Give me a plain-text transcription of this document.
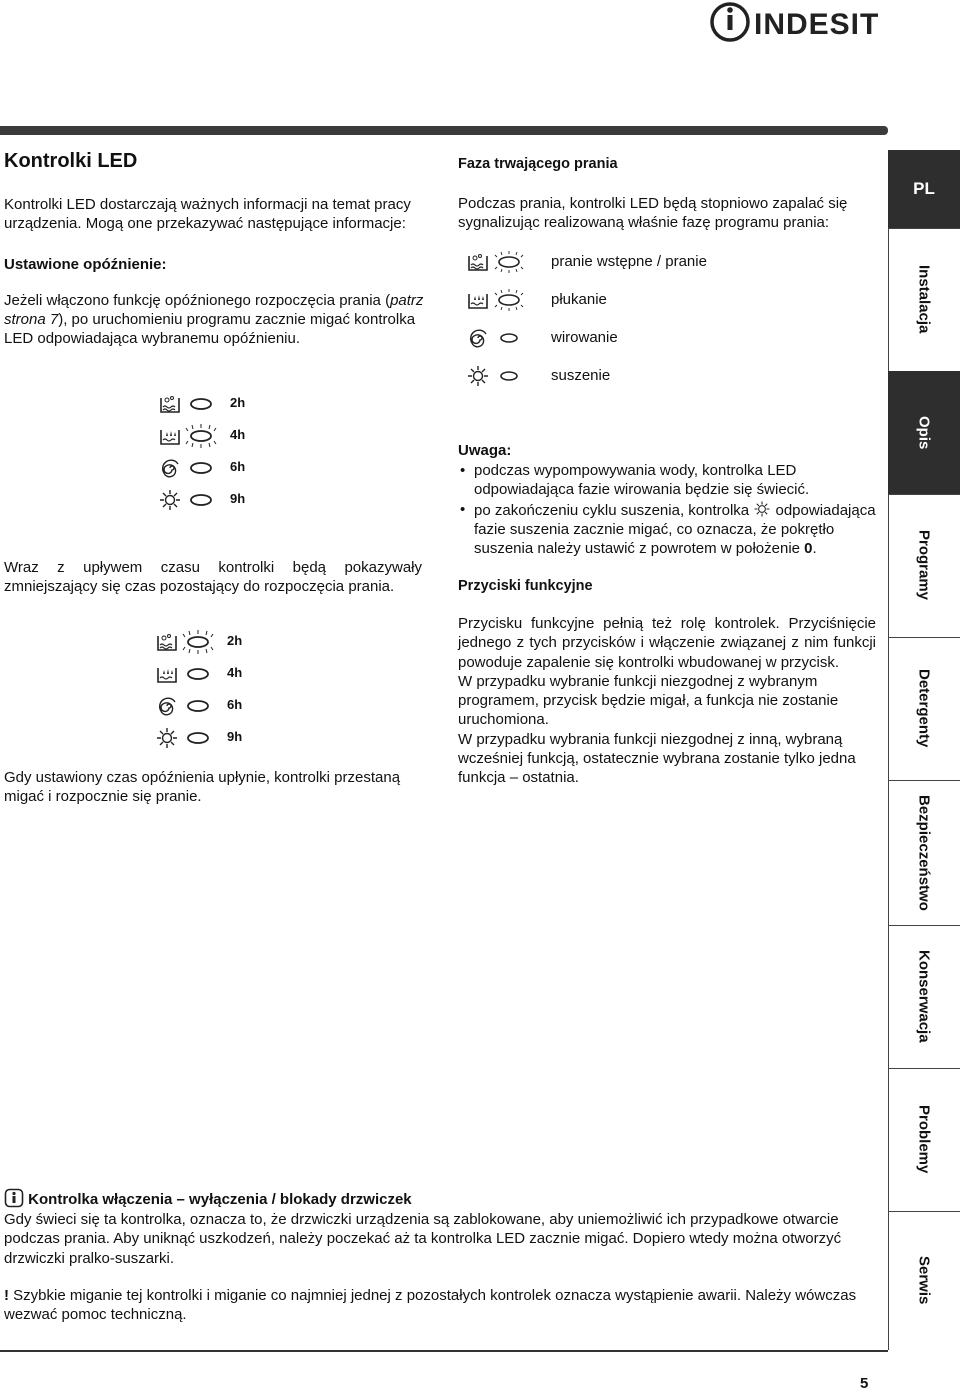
INDESIT
Kontrolki LED

Kontrolki LED dostarczają ważnych informacji na temat pracy urządzenia. Mogą one przekazywać następujące informacje:

Ustawione opóźnienie:

Jeżeli włączono funkcję opóźnionego rozpoczęcia prania (patrz strona 7), po uruchomieniu programu zacznie migać kontrolka LED odpowiadająca wybranemu opóźnieniu.

2h
4h
6h
9h

Wraz z upływem czasu kontrolki będą pokazywały zmniejszający się czas pozostający do rozpoczęcia prania.

2h
4h
6h
9h

Gdy ustawiony czas opóźnienia upłynie, kontrolki przestaną migać i rozpocznie się pranie.

Faza trwającego prania

Podczas prania, kontrolki LED będą stopniowo zapalać się sygnalizując realizowaną właśnie fazę programu prania:

pranie wstępne / pranie
płukanie
wirowanie
suszenie

Uwaga:

• podczas wypompowywania wody, kontrolka LED odpowiadająca fazie wirowania będzie się świecić.

• po zakończeniu cyklu suszenia, kontrolka odpowiadająca fazie suszenia zacznie migać, co oznacza, że pokrętło suszenia należy ustawić z powrotem w położenie 0.

Przyciski funkcyjne

Przycisku funkcyjne pełnią też rolę kontrolek. Przyciśnięcie jednego z tych przycisków i włączenie związanej z nim funkcji powoduje zapalenie się kontrolki wbudowanej w przycisk.

W przypadku wybranie funkcji niezgodnej z wybranym programem, przycisk będzie migał, a funkcja nie zostanie uruchomiona.

W przypadku wybrania funkcji niezgodnej z inną, wybraną wcześniej funkcją, ostatecznie wybrana zostanie tylko jedna funkcja – ostatnia.

Kontrolka włączenia – wyłączenia / blokady drzwiczek

Gdy świeci się ta kontrolka, oznacza to, że drzwiczki urządzenia są zablokowane, aby uniemożliwić ich przypadkowe otwarcie podczas prania. Aby uniknąć uszkodzeń, należy poczekać aż ta kontrolka LED zacznie migać. Dopiero wtedy można otworzyć drzwiczki pralko-suszarki.

! Szybkie miganie tej kontrolki i miganie co najmniej jednej z pozostałych kontrolek oznacza wystąpienie awarii. Należy wówczas wezwać pomoc techniczną.

PL
Instalacja
Opis
Programy
Detergenty
Bezpieczeństwo
Konserwacja
Problemy
Serwis
5
